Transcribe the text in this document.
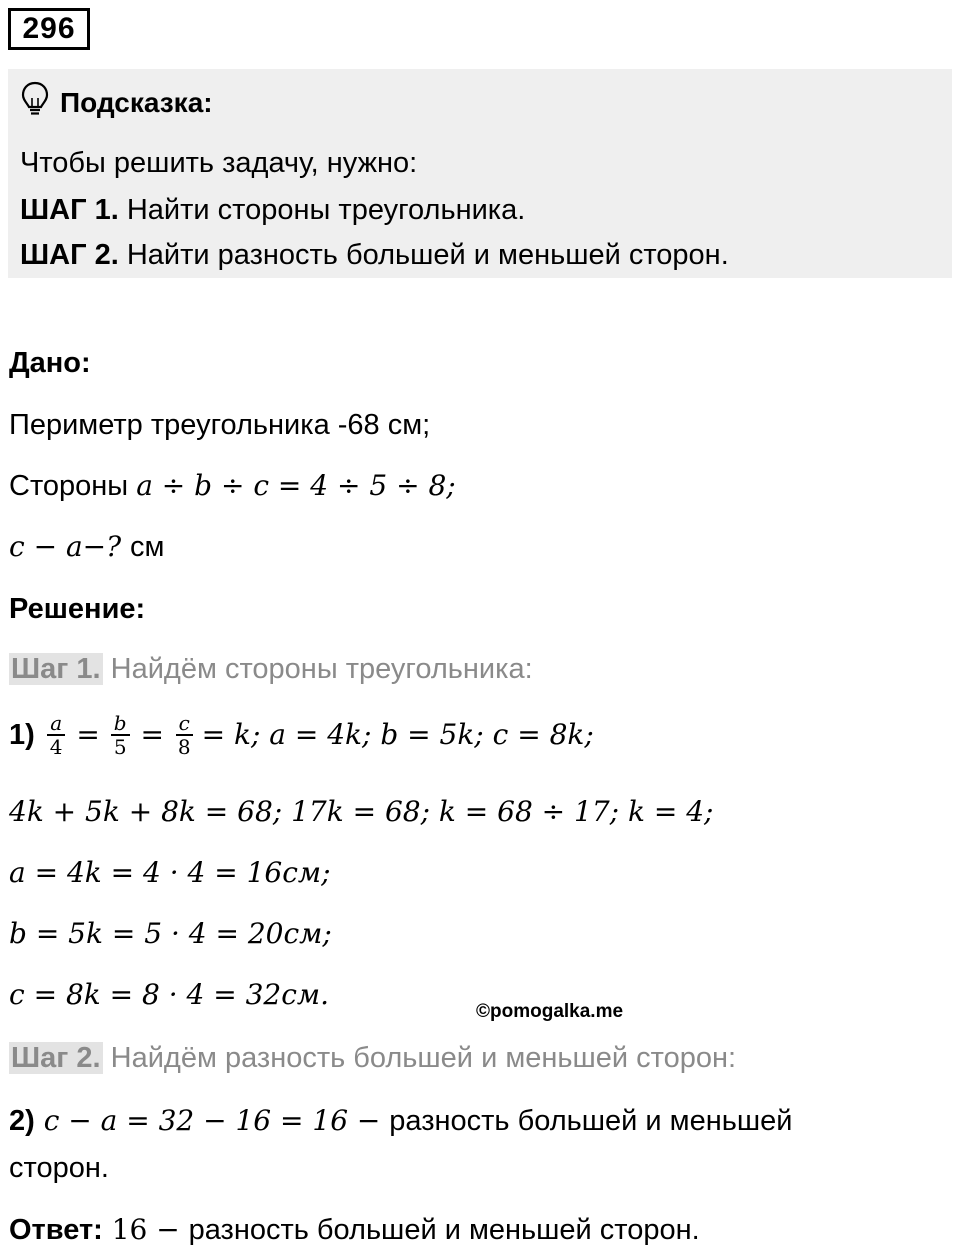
296
Подсказка:
Чтобы решить задачу, нужно:
ШАГ 1. Найти стороны треугольника.
ШАГ 2. Найти разность большей и меньшей сторон.
Дано:
Периметр треугольника -68 см;
Стороны a ÷ b ÷ c = 4 ÷ 5 ÷ 8;
c − a−? см
Решение:
Шаг 1. Найдём стороны треугольника:
$1) \frac{a}{4} = \frac{b}{5} = \frac{c}{8} = k$; a = 4k; b = 5k; c = 8k;
4k + 5k + 8k = 68; 17k = 68; k = 68 ÷ 17; k = 4;
a = 4k = 4 · 4 = 16см;
b = 5k = 5 · 4 = 20см;
c = 8k = 8 · 4 = 32см.
©pomogalka.me
Шаг 2. Найдём разность большей и меньшей сторон:
2) c − a = 32 − 16 = 16 − разность большей и меньшей
сторон.
Ответ: 16 − разность большей и меньшей сторон.
